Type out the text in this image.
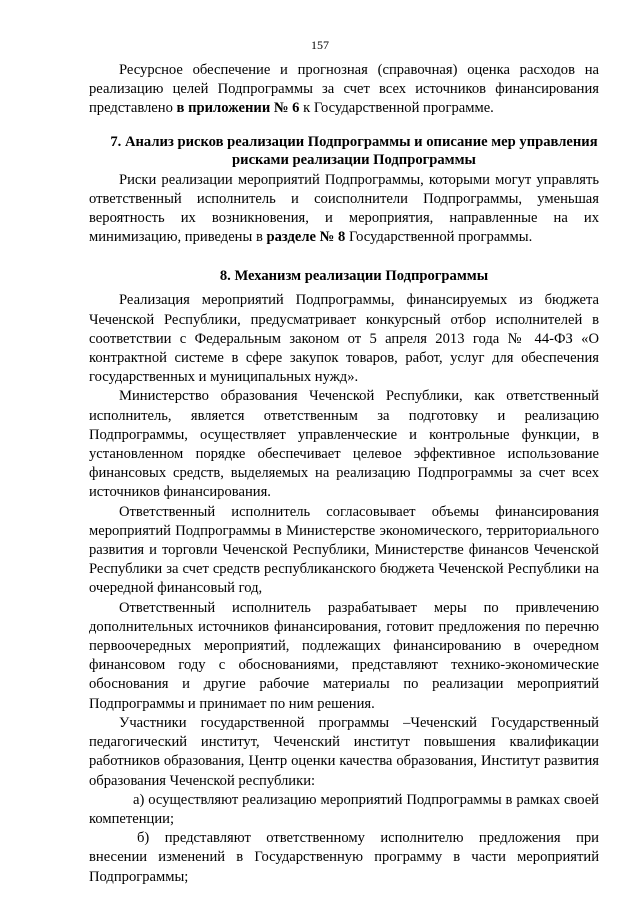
157

Ресурсное обеспечение и прогнозная (справочная) оценка расходов на реализацию целей Подпрограммы за счет всех источников финансирования представлено в приложении № 6 к Государственной программе.

7. Анализ рисков реализации Подпрограммы и описание мер управления рисками реализации Подпрограммы

Риски реализации мероприятий Подпрограммы, которыми могут управлять ответственный исполнитель и соисполнители Подпрограммы, уменьшая вероятность их возникновения, и мероприятия, направленные на их минимизацию, приведены в разделе № 8 Государственной программы.

8. Механизм реализации Подпрограммы

Реализация мероприятий Подпрограммы, финансируемых из бюджета Чеченской Республики, предусматривает конкурсный отбор исполнителей в соответствии с Федеральным законом от 5 апреля 2013 года № 44-ФЗ «О контрактной системе в сфере закупок товаров, работ, услуг для обеспечения государственных и муниципальных нужд».

Министерство образования Чеченской Республики, как ответственный исполнитель, является ответственным за подготовку и реализацию Подпрограммы, осуществляет управленческие и контрольные функции, в установленном порядке обеспечивает целевое эффективное использование финансовых средств, выделяемых на реализацию Подпрограммы за счет всех источников финансирования.

Ответственный исполнитель согласовывает объемы финансирования мероприятий Подпрограммы в Министерстве экономического, территориального развития и торговли Чеченской Республики, Министерстве финансов Чеченской Республики за счет средств республиканского бюджета Чеченской Республики на очередной финансовый год,

Ответственный исполнитель разрабатывает меры по привлечению дополнительных источников финансирования, готовит предложения по перечню первоочередных мероприятий, подлежащих финансированию в очередном финансовом году с обоснованиями, представляют технико-экономические обоснования и другие рабочие материалы по реализации мероприятий Подпрограммы и принимает по ним решения.

Участники государственной программы –Чеченский Государственный педагогический институт, Чеченский институт повышения квалификации работников образования, Центр оценки качества образования, Институт развития образования Чеченской республики:

а) осуществляют реализацию мероприятий Подпрограммы в рамках своей компетенции;

б) представляют ответственному исполнителю предложения при внесении изменений в Государственную программу в части мероприятий Подпрограммы;
